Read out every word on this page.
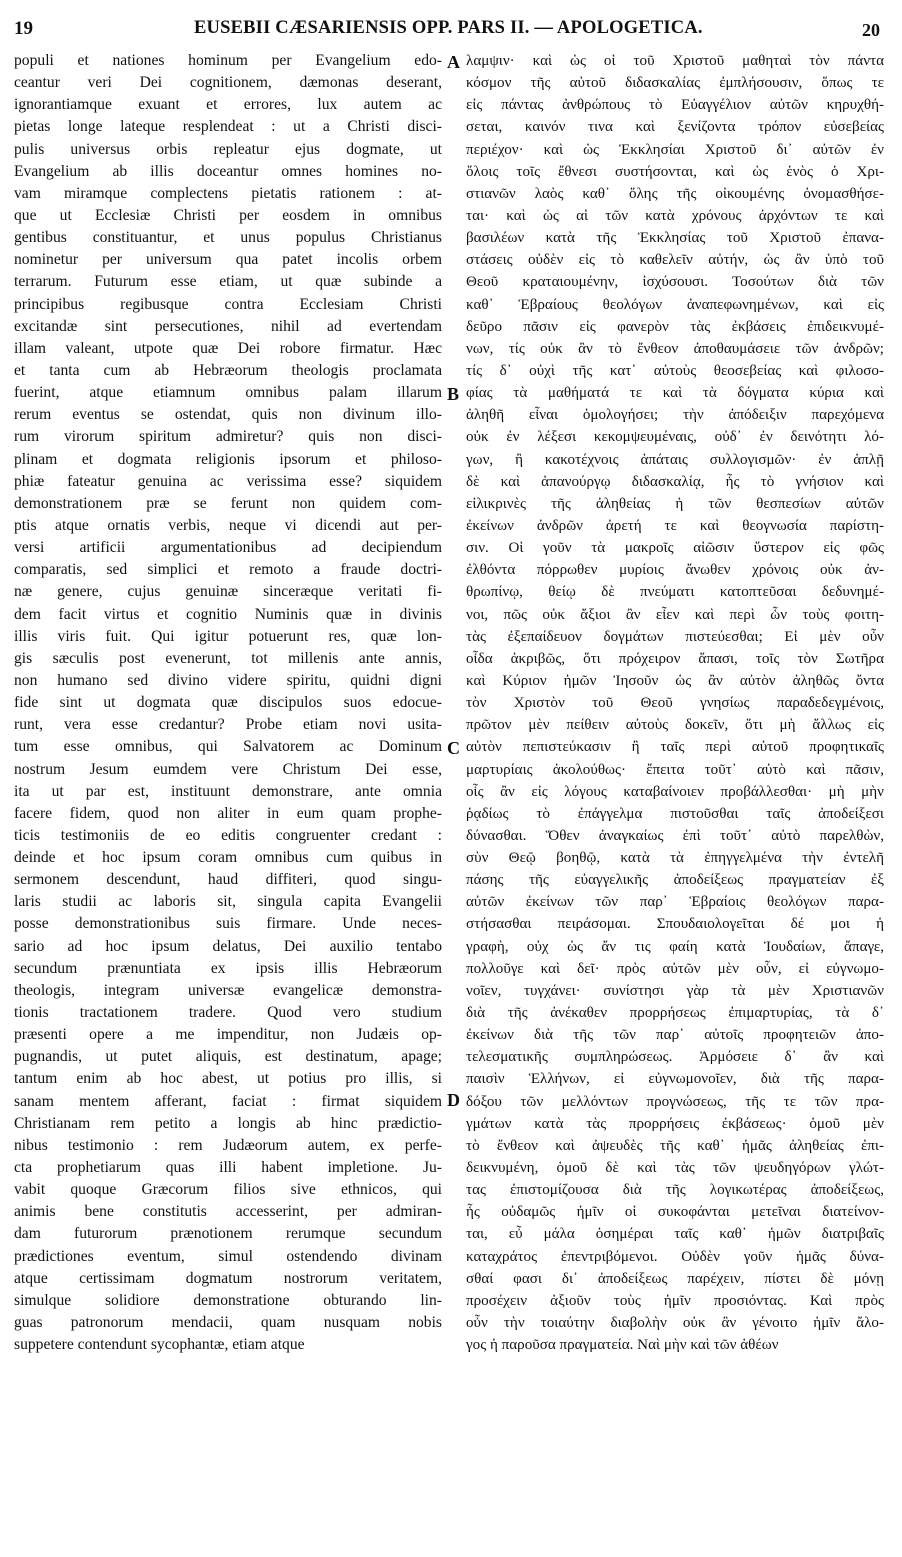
19	EUSEBII CÆSARIENSIS OPP. PARS II. — APOLOGETICA.	20
populi et nationes hominum per Evangelium edo-
ceantur veri Dei cognitionem, dæmonas deserant,
ignorantiamque exuant et errores, lux autem ac
pietas longe lateque resplendeat : ut a Christi disci-
pulis universus orbis repleatur ejus dogmate, ut
Evangelium ab illis doceantur omnes homines no-
vam miramque complectens pietatis rationem : at-
que ut Ecclesiæ Christi per eosdem in omnibus
gentibus constituantur, et unus populus Christianus
nominetur per universum qua patet incolis orbem
terrarum. Futurum esse etiam, ut quæ subinde a
principibus regibusque contra Ecclesiam Christi
excitandæ sint persecutiones, nihil ad evertendam
illam valeant, utpote quæ Dei robore firmatur. Hæc
et tanta cum ab Hebræorum theologis proclamata
fuerint, atque etiamnum omnibus palam illarum
rerum eventus se ostendat, quis non divinum illo-
rum virorum spiritum admiretur? quis non disci-
plinam et dogmata religionis ipsorum et philoso-
phiæ fateatur genuina ac verissima esse? siquidem
demonstrationem præ se ferunt non quidem com-
ptis atque ornatis verbis, neque vi dicendi aut per-
versi artificii argumentationibus ad decipiendum
comparatis, sed simplici et remoto a fraude doctri-
næ genere, cujus genuinæ sinceræque veritati fi-
dem facit virtus et cognitio Numinis quæ in divinis
illis viris fuit. Qui igitur potuerunt res, quæ lon-
gis sæculis post evenerunt, tot millenis ante annis,
non humano sed divino videre spiritu, quidni digni
fide sint ut dogmata quæ discipulos suos edocue-
runt, vera esse credantur? Probe etiam novi usita-
tum esse omnibus, qui Salvatorem ac Dominum
nostrum Jesum eumdem vere Christum Dei esse,
ita ut par est, instituunt demonstrare, ante omnia
facere fidem, quod non aliter in eum quam prophe-
ticis testimoniis de eo editis congruenter credant :
deinde et hoc ipsum coram omnibus cum quibus in
sermonem descendunt, haud diffiteri, quod singu-
laris studii ac laboris sit, singula capita Evangelii
posse demonstrationibus suis firmare. Unde neces-
sario ad hoc ipsum delatus, Dei auxilio tentabo
secundum prænuntiata ex ipsis illis Hebræorum
theologis, integram universæ evangelicæ demonstra-
tionis tractationem tradere. Quod vero studium
præsenti opere a me impenditur, non Judæis op-
pugnandis, ut putet aliquis, est destinatum, apage;
tantum enim ab hoc abest, ut potius pro illis, si
sanam mentem afferant, faciat : firmat siquidem
Christianam rem petito a longis ab hinc prædictio-
nibus testimonio : rem Judæorum autem, ex perfe-
cta prophetiarum quas illi habent impletione. Ju-
vabit quoque Græcorum filios sive ethnicos, qui
animis bene constitutis accesserint, per admiran-
dam futurorum prænotionem rerumque secundum
prædictiones eventum, simul ostendendo divinam
atque certissimam dogmatum nostrorum veritatem,
simulque solidiore demonstratione obturando lin-
guas patronorum mendacii, quam nusquam nobis
suppetere contendunt sycophantæ, etiam atque
λαμψιν· καὶ ὡς οἱ τοῦ Χριστοῦ μαθηταὶ τὸν πάντα
κόσμον τῆς αὐτοῦ διδασκαλίας ἐμπλήσουσιν, ὅπως τε
εἰς πάντας ἀνθρώπους τὸ Εὐαγγέλιον αὐτῶν κηρυχθή-
σεται, καινόν τινα καὶ ξενίζοντα τρόπον εὐσεβείας
περιέχον· καὶ ὡς Ἐκκλησίαι Χριστοῦ δι᾽ αὐτῶν ἐν
ὅλοις τοῖς ἔθνεσι συστήσονται, καὶ ὡς ἑνὸς ὁ Χρι-
στιανῶν λαὸς καθ᾽ ὅλης τῆς οἰκουμένης ὀνομασθήσε-
ται· καὶ ὡς αἱ τῶν κατὰ χρόνους ἀρχόντων τε καὶ
βασιλέων κατὰ τῆς Ἐκκλησίας τοῦ Χριστοῦ ἐπανα-
στάσεις οὐδὲν εἰς τὸ καθελεῖν αὐτήν, ὡς ἂν ὑπὸ τοῦ
Θεοῦ κραταιουμένην, ἰσχύσουσι. Τοσούτων διὰ τῶν
καθ᾽ Ἑβραίους θεολόγων ἀναπεφωνημένων, καὶ εἰς
δεῦρο πᾶσιν εἰς φανερὸν τὰς ἐκβάσεις ἐπιδεικνυμέ-
νων, τίς οὐκ ἂν τὸ ἔνθεον ἀποθαυμάσειε τῶν ἀνδρῶν;
τίς δ᾽ οὐχὶ τῆς κατ᾽ αὐτοὺς θεοσεβείας καὶ φιλοσο-
φίας τὰ μαθήματά τε καὶ τὰ δόγματα κύρια καὶ
ἀληθῆ εἶναι ὁμολογήσει; τὴν ἀπόδειξιν παρεχόμενα
οὐκ ἐν λέξεσι κεκομψευμέναις, οὐδ᾽ ἐν δεινότητι λό-
γων, ἢ κακοτέχνοις ἀπάταις συλλογισμῶν· ἐν ἁπλῇ
δὲ καὶ ἀπανούργῳ διδασκαλίᾳ, ἧς τὸ γνήσιον καὶ
εἰλικρινὲς τῆς ἀληθείας ἡ τῶν θεσπεσίων αὐτῶν
ἐκείνων ἀνδρῶν ἀρετή τε καὶ θεογνωσία παρίστη-
σιν. Οἱ γοῦν τὰ μακροῖς αἰῶσιν ὕστερον εἰς φῶς
ἐλθόντα πόρρωθεν μυρίοις ἄνωθεν χρόνοις οὐκ ἀν-
θρωπίνῳ, θείῳ δὲ πνεύματι κατοπτεῦσαι δεδυνημέ-
νοι, πῶς οὐκ ἄξιοι ἂν εἶεν καὶ περὶ ὧν τοὺς φοιτη-
τὰς ἐξεπαίδευον δογμάτων πιστεύεσθαι; Εἰ μὲν οὖν
οἶδα ἀκριβῶς, ὅτι πρόχειρον ἅπασι, τοῖς τὸν Σωτῆρα
καὶ Κύριον ἡμῶν Ἰησοῦν ὡς ἂν αὐτὸν ἀληθῶς ὄντα
τὸν Χριστὸν τοῦ Θεοῦ γνησίως παραδεδεγμένοις,
πρῶτον μὲν πείθειν αὐτοὺς δοκεῖν, ὅτι μὴ ἄλλως εἰς
αὐτὸν πεπιστεύκασιν ἢ ταῖς περὶ αὐτοῦ προφητικαῖς
μαρτυρίαις ἀκολούθως· ἔπειτα τοῦτ᾽ αὐτὸ καὶ πᾶσιν,
οἷς ἂν εἰς λόγους καταβαίνοιεν προβάλλεσθαι· μὴ μὴν
ῥᾳδίως τὸ ἐπάγγελμα πιστοῦσθαι ταῖς ἀποδείξεσι
δύνασθαι. Ὅθεν ἀναγκαίως ἐπὶ τοῦτ᾽ αὐτὸ παρελθὼν,
σὺν Θεῷ βοηθῷ, κατὰ τὰ ἐπηγγελμένα τὴν ἐντελῆ
πάσης τῆς εὐαγγελικῆς ἀποδείξεως πραγματείαν ἐξ
αὐτῶν ἐκείνων τῶν παρ᾽ Ἑβραίοις θεολόγων παρα-
στήσασθαι πειράσομαι. Σπουδαιολογεῖται δέ μοι ἡ
γραφὴ, οὐχ ὡς ἄν τις φαίη κατὰ Ἰουδαίων, ἄπαγε,
πολλοῦγε καὶ δεῖ· πρὸς αὐτῶν μὲν οὖν, εἰ εὐγνωμο-
νοῖεν, τυγχάνει· συνίστησι γὰρ τὰ μὲν Χριστιανῶν
διὰ τῆς ἀνέκαθεν προρρήσεως ἐπιμαρτυρίας, τὰ δ᾽
ἐκείνων διὰ τῆς τῶν παρ᾽ αὐτοῖς προφητειῶν ἀπο-
τελεσματικῆς συμπληρώσεως. Ἁρμόσειε δ᾽ ἂν καὶ
παισὶν Ἑλλήνων, εἰ εὐγνωμονοῖεν, διὰ τῆς παρα-
δόξου τῶν μελλόντων προγνώσεως, τῆς τε τῶν πρα-
γμάτων κατὰ τὰς προρρήσεις ἐκβάσεως· ὁμοῦ μὲν
τὸ ἔνθεον καὶ ἀψευδὲς τῆς καθ᾽ ἡμᾶς ἀληθείας ἐπι-
δεικνυμένη, ὁμοῦ δὲ καὶ τὰς τῶν ψευδηγόρων γλώτ-
τας ἐπιστομίζουσα διὰ τῆς λογικωτέρας ἀποδείξεως,
ἧς οὐδαμῶς ἡμῖν οἱ συκοφάνται μετεῖναι διατείνον-
ται, εὖ μάλα ὁσημέραι ταῖς καθ᾽ ἡμῶν διατριβαῖς
καταχράτος ἐπεντριβόμενοι. Οὐδὲν γοῦν ἡμᾶς δύνα-
σθαί φασι δι᾽ ἀποδείξεως παρέχειν, πίστει δὲ μόνῃ
προσέχειν ἀξιοῦν τοὺς ἡμῖν προσιόντας. Καὶ πρὸς
οὖν τὴν τοιαύτην διαβολὴν οὐκ ἂν γένοιτο ἡμῖν ἄλο-
γος ἡ παροῦσα πραγματεία. Ναὶ μὴν καὶ τῶν ἀθέων
A
B
C
D
